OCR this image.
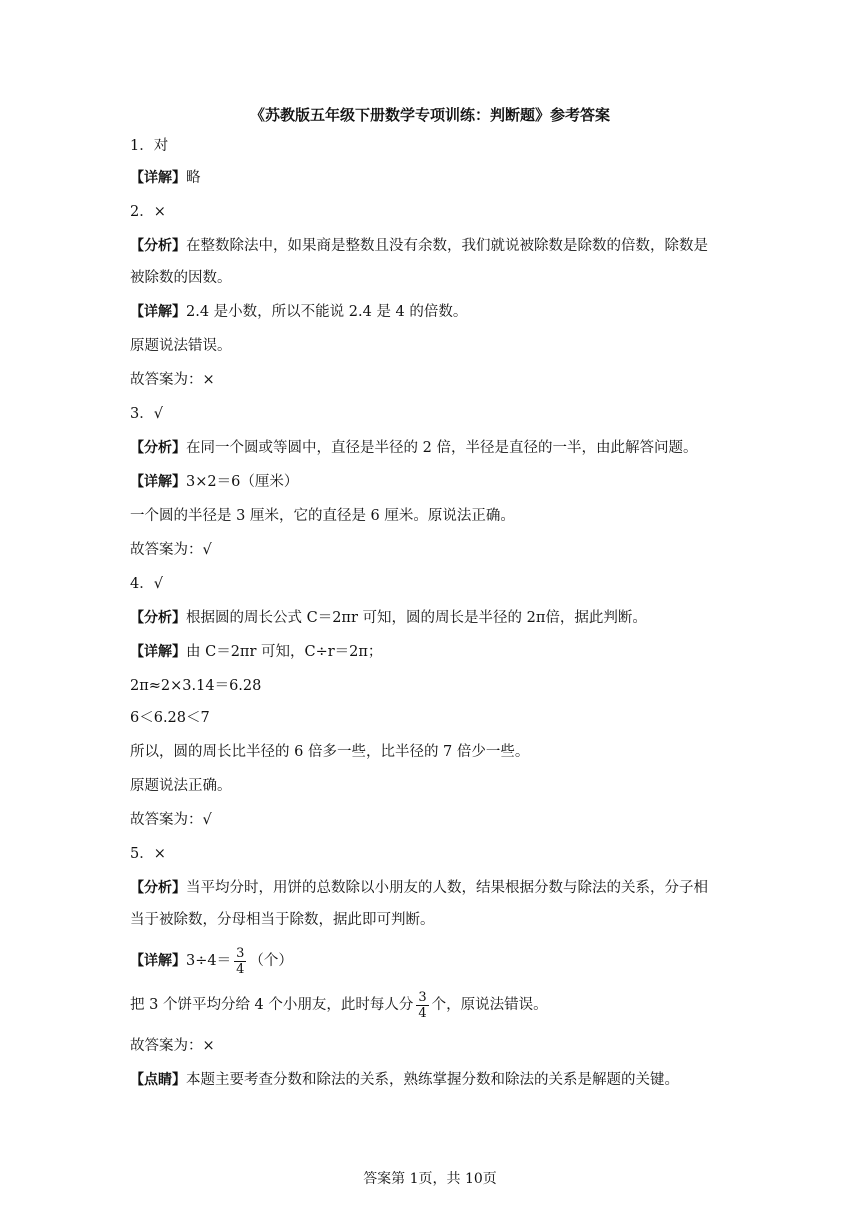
《苏教版五年级下册数学专项训练：判断题》参考答案
1．对
【详解】略
2．×
【分析】在整数除法中，如果商是整数且没有余数，我们就说被除数是除数的倍数，除数是
被除数的因数。
【详解】2.4 是小数，所以不能说 2.4 是 4 的倍数。
原题说法错误。
故答案为：×
3．√
【分析】在同一个圆或等圆中，直径是半径的 2 倍，半径是直径的一半，由此解答问题。
【详解】3×2＝6（厘米）
一个圆的半径是 3 厘米，它的直径是 6 厘米。原说法正确。
故答案为：√
4．√
【分析】根据圆的周长公式 C＝2πr 可知，圆的周长是半径的 2π倍，据此判断。
【详解】由 C＝2πr 可知，C÷r＝2π；
2π≈2×3.14＝6.28
6＜6.28＜7
所以，圆的周长比半径的 6 倍多一些，比半径的 7 倍少一些。
原题说法正确。
故答案为：√
5．×
【分析】当平均分时，用饼的总数除以小朋友的人数，结果根据分数与除法的关系，分子相
当于被除数，分母相当于除数，据此即可判断。
【详解】$3\div 4= \frac{3}{4}$ （个）
把 3 个饼平均分给 4 个小朋友，此时每人分 $\frac{3}{4}$ 个，原说法错误。
故答案为：×
【点睛】本题主要考查分数和除法的关系，熟练掌握分数和除法的关系是解题的关键。
答案第 1页，共 10页
